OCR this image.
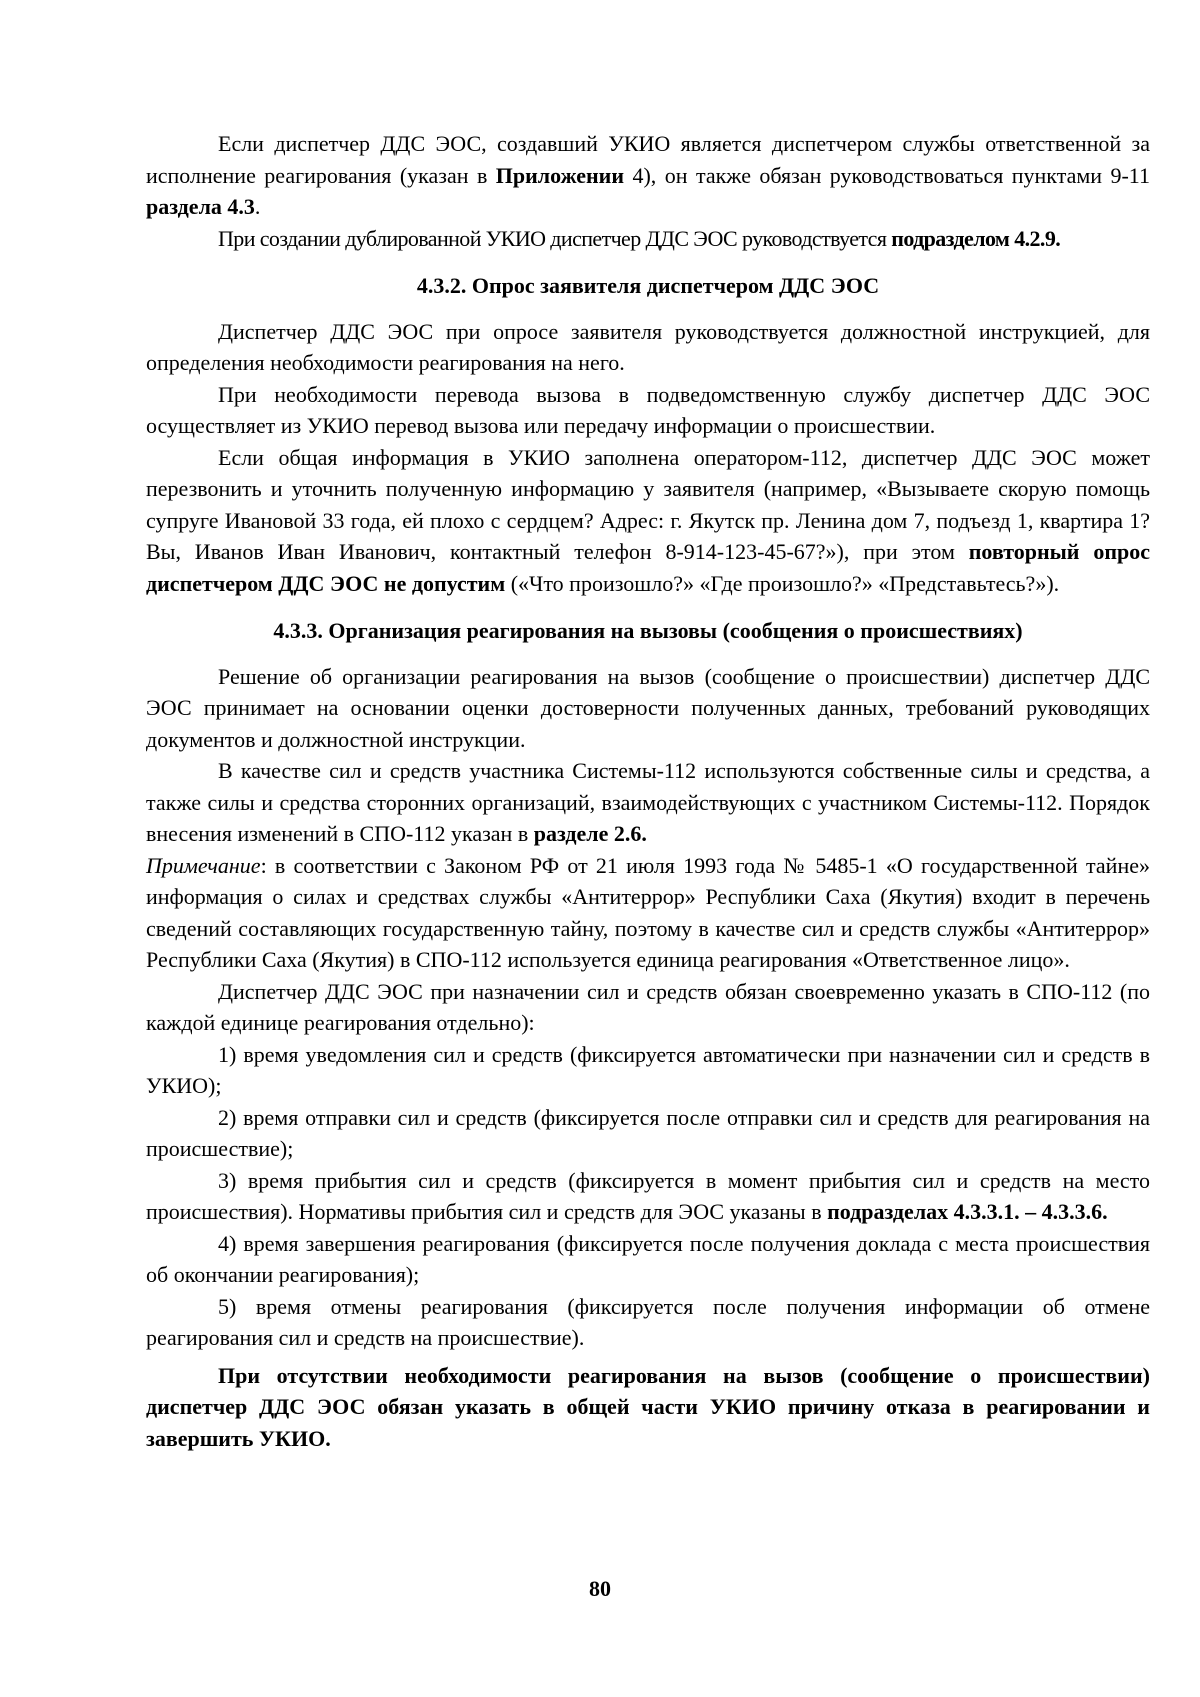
Если диспетчер ДДС ЭОС, создавший УКИО является диспетчером службы ответственной за исполнение реагирования (указан в Приложении 4), он также обязан руководствоваться пунктами 9-11 раздела 4.3.

При создании дублированной УКИО диспетчер ДДС ЭОС руководствуется подразделом 4.2.9.

4.3.2. Опрос заявителя диспетчером ДДС ЭОС

Диспетчер ДДС ЭОС при опросе заявителя руководствуется должностной инструкцией, для определения необходимости реагирования на него.

При необходимости перевода вызова в подведомственную службу диспетчер ДДС ЭОС осуществляет из УКИО перевод вызова или передачу информации о происшествии.

Если общая информация в УКИО заполнена оператором-112, диспетчер ДДС ЭОС может перезвонить и уточнить полученную информацию у заявителя (например, «Вызываете скорую помощь супруге Ивановой 33 года, ей плохо с сердцем? Адрес: г. Якутск пр. Ленина дом 7, подъезд 1, квартира 1? Вы, Иванов Иван Иванович, контактный телефон 8-914-123-45-67?»), при этом повторный опрос диспетчером ДДС ЭОС не допустим («Что произошло?» «Где произошло?» «Представьтесь?»).

4.3.3. Организация реагирования на вызовы (сообщения о происшествиях)

Решение об организации реагирования на вызов (сообщение о происшествии) диспетчер ДДС ЭОС принимает на основании оценки достоверности полученных данных, требований руководящих документов и должностной инструкции.

В качестве сил и средств участника Системы-112 используются собственные силы и средства, а также силы и средства сторонних организаций, взаимодействующих с участником Системы-112. Порядок внесения изменений в СПО-112 указан в разделе 2.6.

Примечание: в соответствии с Законом РФ от 21 июля 1993 года № 5485-1 «О государственной тайне» информация о силах и средствах службы «Антитеррор» Республики Саха (Якутия) входит в перечень сведений составляющих государственную тайну, поэтому в качестве сил и средств службы «Антитеррор» Республики Саха (Якутия) в СПО-112 используется единица реагирования «Ответственное лицо».

Диспетчер ДДС ЭОС при назначении сил и средств обязан своевременно указать в СПО-112 (по каждой единице реагирования отдельно):

1) время уведомления сил и средств (фиксируется автоматически при назначении сил и средств в УКИО);

2) время отправки сил и средств (фиксируется после отправки сил и средств для реагирования на происшествие);

3) время прибытия сил и средств (фиксируется в момент прибытия сил и средств на место происшествия). Нормативы прибытия сил и средств для ЭОС указаны в подразделах 4.3.3.1. – 4.3.3.6.

4) время завершения реагирования (фиксируется после получения доклада с места происшествия об окончании реагирования);

5) время отмены реагирования (фиксируется после получения информации об отмене реагирования сил и средств на происшествие).

При отсутствии необходимости реагирования на вызов (сообщение о происшествии) диспетчер ДДС ЭОС обязан указать в общей части УКИО причину отказа в реагировании и завершить УКИО.

80
